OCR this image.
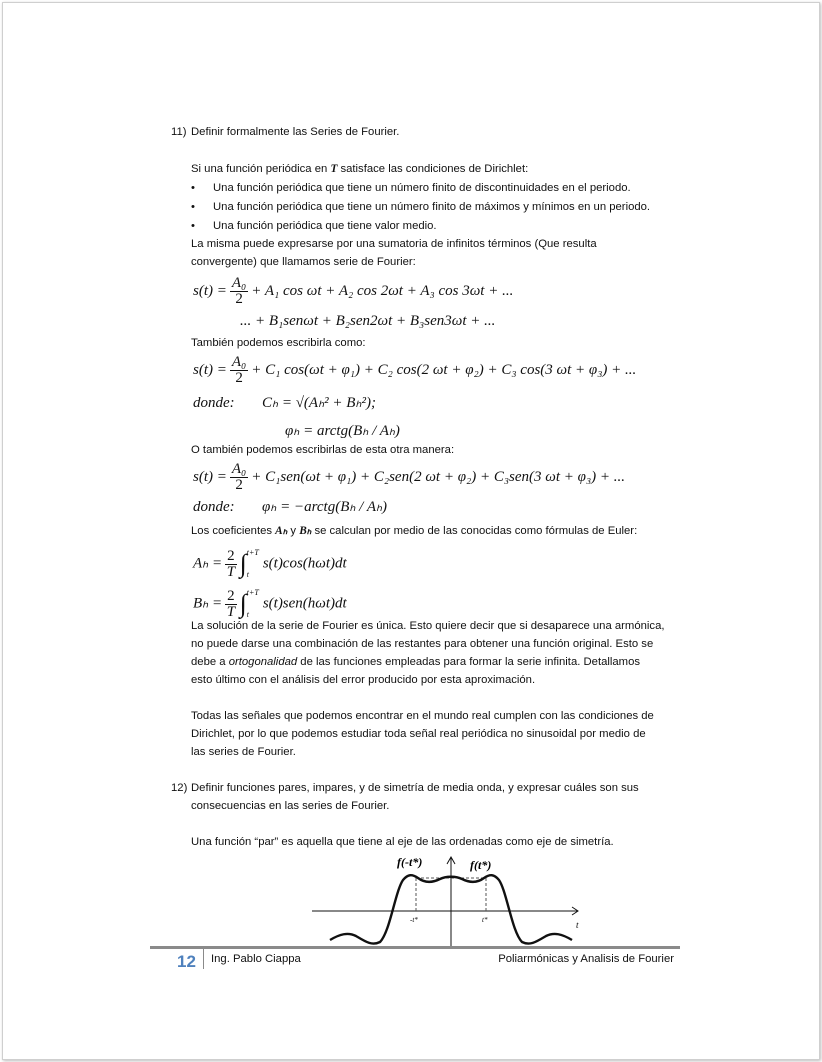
11) Definir formalmente las Series de Fourier.
Si una función periódica en T satisface las condiciones de Dirichlet:
• Una función periódica que tiene un número finito de discontinuidades en el periodo.
• Una función periódica que tiene un número finito de máximos y mínimos en un periodo.
• Una función periódica que tiene valor medio.
La misma puede expresarse por una sumatoria de infinitos términos (Que resulta
convergente) que llamamos serie de Fourier:
$s(t) = \frac{\text{A₀}}{2} + A_1$ cos ωt + A₂ cos 2ωt + A₃ cos 3ωt + ...
... + B₁senωt + B₂sen2ωt + B₃sen3ωt + ...
También podemos escribirla como:
$s(t) = \frac{\text{A₀}}{2} + C_1$ cos(ωt + φ₁) + C₂ cos(2 ωt + φ₂) + C₃ cos(3 ωt + φ₃) + ...
donde: Cₕ = √(Aₕ² + Bₕ²);
φₕ = arctg(Bₕ / Aₕ)
O también podemos escribirlas de esta otra manera:
$s(t) = \frac{\text{A₀}}{2} + C_1sen(\omega t + \varphi_1) + C_2sen(2$ ωt + φ₂) + C₃sen(3 ωt + φ₃) + ...
donde: φₕ = −arctg(Bₕ / Aₕ)
Los coeficientes Aₕ y Bₕ se calculan por medio de las conocidas como fórmulas de Euler:
$A_h = \frac{2}{T}$ ∫ t+T
t
s(t)cos(hωt)dt
$B_h = \frac{2}{T}$ ∫ t+T
t
s(t)sen(hωt)dt
La solución de la serie de Fourier es única. Esto quiere decir que si desaparece una armónica,
no puede darse una combinación de las restantes para obtener una función original. Esto se
debe a ortogonalidad de las funciones empleadas para formar la serie infinita. Detallamos
esto último con el análisis del error producido por esta aproximación.
Todas las señales que podemos encontrar en el mundo real cumplen con las condiciones de
Dirichlet, por lo que podemos estudiar toda señal real periódica no sinusoidal por medio de
las series de Fourier.
12) Definir funciones pares, impares, y de simetría de media onda, y expresar cuáles son sus
consecuencias en las series de Fourier.
Una función “par” es aquella que tiene al eje de las ordenadas como eje de simetría.
f(-t*)	f(t*)
-t*	t*	t
12 Ing. Pablo Ciappa	Poliarmónicas y Analisis de Fourier
